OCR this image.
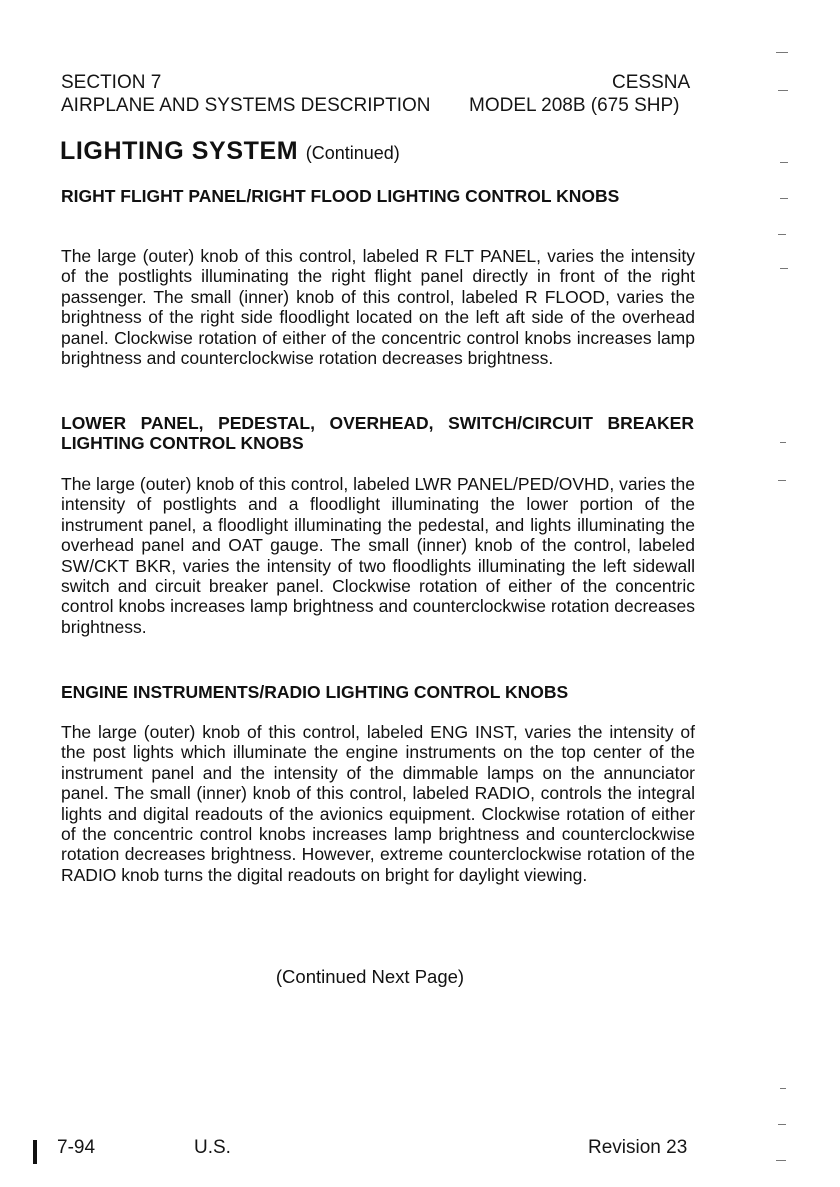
SECTION 7	CESSNA
AIRPLANE AND SYSTEMS DESCRIPTION MODEL 208B (675 SHP)
LIGHTING SYSTEM (Continued)
RIGHT FLIGHT PANEL/RIGHT FLOOD LIGHTING CONTROL KNOBS
The large (outer) knob of this control, labeled R FLT PANEL, varies the intensity of the postlights illuminating the right flight panel directly in front of the right passenger. The small (inner) knob of this control, labeled R FLOOD, varies the brightness of the right side floodlight located on the left aft side of the overhead panel. Clockwise rotation of either of the concentric control knobs increases lamp brightness and counterclockwise rotation decreases brightness.
LOWER PANEL, PEDESTAL, OVERHEAD, SWITCH/CIRCUIT BREAKER LIGHTING CONTROL KNOBS
The large (outer) knob of this control, labeled LWR PANEL/PED/OVHD, varies the intensity of postlights and a floodlight illuminating the lower portion of the instrument panel, a floodlight illuminating the pedestal, and lights illuminating the overhead panel and OAT gauge. The small (inner) knob of the control, labeled SW/CKT BKR, varies the intensity of two floodlights illuminating the left sidewall switch and circuit breaker panel. Clockwise rotation of either of the concentric control knobs increases lamp brightness and counterclockwise rotation decreases brightness.
ENGINE INSTRUMENTS/RADIO LIGHTING CONTROL KNOBS
The large (outer) knob of this control, labeled ENG INST, varies the intensity of the post lights which illuminate the engine instruments on the top center of the instrument panel and the intensity of the dimmable lamps on the annunciator panel. The small (inner) knob of this control, labeled RADIO, controls the integral lights and digital readouts of the avionics equipment. Clockwise rotation of either of the concentric control knobs increases lamp brightness and counterclockwise rotation decreases brightness. However, extreme counterclockwise rotation of the RADIO knob turns the digital readouts on bright for daylight viewing.
(Continued Next Page)
7-94	U.S.	Revision 23
